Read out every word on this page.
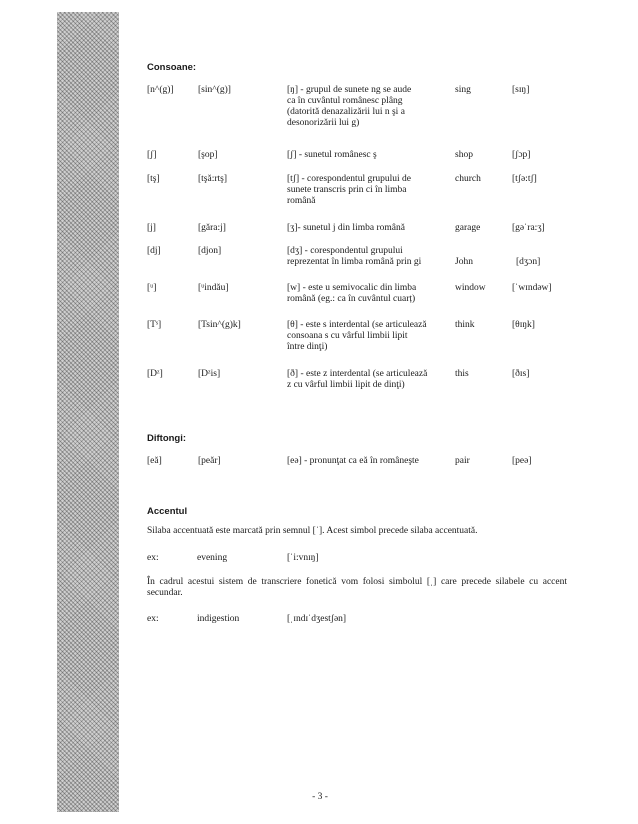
Consoane:
[n^(g)]	[sin^(g)]	[ŋ] - grupul de sunete ng se aude
ca în cuvântul românesc plâng
(datorită denazalizării lui n şi a
desonorizării lui g)
sing	[sɪŋ]
[ʃ]	[şop]	[ʃ] - sunetul românesc ş	shop	[ʃɔp]
[tş]	[tşă:rtş]	[tʃ] - corespondentul grupului de
sunete transcris prin ci în limba
română
church	[tʃə:tʃ]
[j]	[găra:j]	[ʒ]- sunetul j din limba română	garage	[gəˈra:ʒ]
[dj]	[djon]	[dʒ] - corespondentul grupului
reprezentat în limba română prin gi	John	[dʒɔn]
[ᵘ]	[ᵘindău]	[w] - este u semivocalic din limba
română (eg.: ca în cuvântul cuarț)
window	[ˈwɪndəw]
[Tˢ]	[Tsin^(g)k]	[θ] - este s interdental (se articulează
consoana s cu vârful limbii lipit
între dinţi)
think	[θɪŋk]
[Dᶻ]	[Dᶻis]	[ð] - este z interdental (se articulează
z cu vârful limbii lipit de dinţi)
this	[ðɪs]
Diftongi:
[eă]	[peăr]	[eə] - pronunţat ca eă în româneşte	pair	[peə]
Accentul
Silaba accentuată este marcată prin semnul [ˈ]. Acest simbol precede silaba accentuată.
ex:	evening	[ˈi:vnɪŋ]
În cadrul acestui sistem de transcriere fonetică vom folosi simbolul [ˌ] care precede silabele cu accent secundar.
ex:	indigestion	[ˌɪndɪˈdʒestʃən]
- 3 -
